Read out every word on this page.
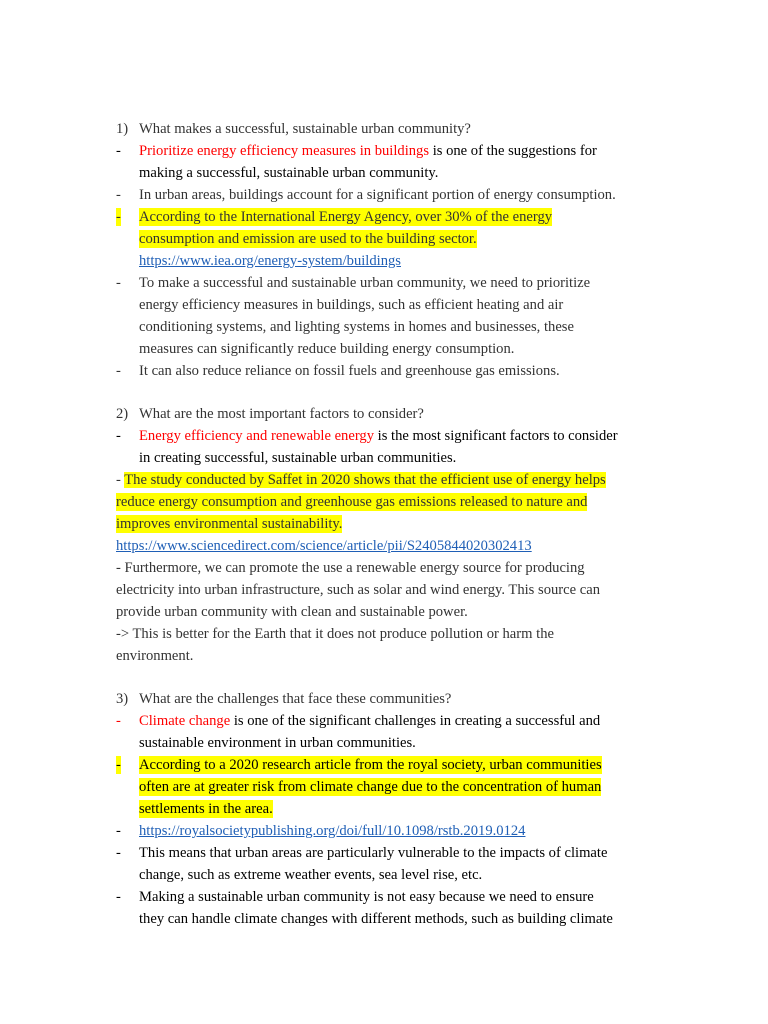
1) What makes a successful, sustainable urban community?
- Prioritize energy efficiency measures in buildings is one of the suggestions for
making a successful, sustainable urban community.
- In urban areas, buildings account for a significant portion of energy consumption.
- According to the International Energy Agency, over 30% of the energy
consumption and emission are used to the building sector.
https://www.iea.org/energy-system/buildings
- To make a successful and sustainable urban community, we need to prioritize
energy efficiency measures in buildings, such as efficient heating and air
conditioning systems, and lighting systems in homes and businesses, these
measures can significantly reduce building energy consumption.
- It can also reduce reliance on fossil fuels and greenhouse gas emissions.
2) What are the most important factors to consider?
- Energy efficiency and renewable energy is the most significant factors to consider
in creating successful, sustainable urban communities.
- The study conducted by Saffet in 2020 shows that the efficient use of energy helps
reduce energy consumption and greenhouse gas emissions released to nature and
improves environmental sustainability.
https://www.sciencedirect.com/science/article/pii/S2405844020302413
- Furthermore, we can promote the use a renewable energy source for producing
electricity into urban infrastructure, such as solar and wind energy. This source can
provide urban community with clean and sustainable power.
-> This is better for the Earth that it does not produce pollution or harm the
environment.
3) What are the challenges that face these communities?
- Climate change is one of the significant challenges in creating a successful and
sustainable environment in urban communities.
- According to a 2020 research article from the royal society, urban communities
often are at greater risk from climate change due to the concentration of human
settlements in the area.
- https://royalsocietypublishing.org/doi/full/10.1098/rstb.2019.0124
- This means that urban areas are particularly vulnerable to the impacts of climate
change, such as extreme weather events, sea level rise, etc.
- Making a sustainable urban community is not easy because we need to ensure
they can handle climate changes with different methods, such as building climate
